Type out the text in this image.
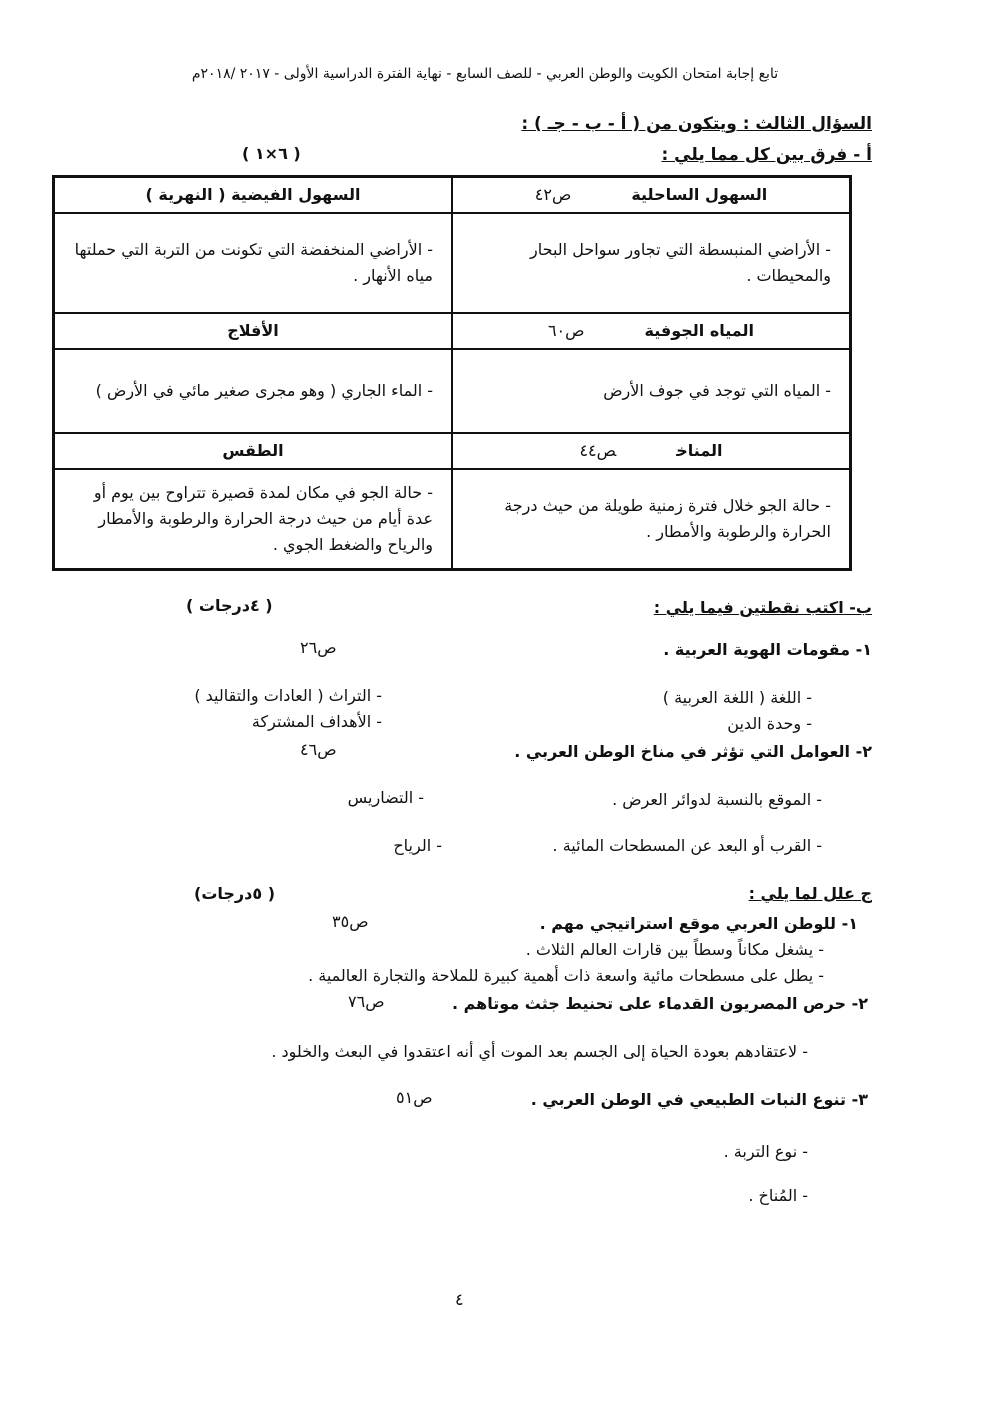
تابع إجابة امتحان الكويت والوطن العربي - للصف السابع - نهاية الفترة الدراسية الأولى - ٢٠١٧ /٢٠١٨م
السؤال الثالث : ويتكون من ( أ - ب - جـ ) :
أ - فرق بين كل مما يلي :
( ٦×١ )
السهول الساحليةص٤٢	السهول الفيضية ( النهرية )
- الأراضي المنبسطة التي تجاور سواحل البحار والمحيطات .	- الأراضي المنخفضة التي تكونت من التربة التي حملتها مياه الأنهار .
المياه الجوفيةص٦٠	الأفلاج
- المياه التي توجد في جوف الأرض	- الماء الجاري ( وهو مجرى صغير مائي في الأرض )
المناخص٤٤	الطقس
- حالة الجو خلال فترة زمنية طويلة من حيث درجة الحرارة والرطوبة والأمطار .	- حالة الجو في مكان لمدة قصيرة تتراوح بين يوم أو عدة أيام من حيث درجة الحرارة والرطوبة والأمطار والرياح والضغط الجوي .
ب- اكتب نقطتين فيما يلي :
( ٤درجات )
١- مقومات الهوية العربية .
ص٢٦
- اللغة ( اللغة العربية )
- وحدة الدين
- التراث ( العادات والتقاليد )
- الأهداف المشتركة
٢- العوامل التي تؤثر في مناخ الوطن العربي .
ص٤٦
- الموقع بالنسبة لدوائر العرض .
- القرب أو البعد عن المسطحات المائية .
- التضاريس
- الرياح
ج علل لما يلي :
(٥درجات )
١- للوطن العربي موقع استراتيجي مهم .
ص٣٥
- يشغل مكاناً وسطاً بين قارات العالم الثلاث .
- يطل على مسطحات مائية واسعة ذات أهمية كبيرة للملاحة والتجارة العالمية .
٢- حرص المصريون القدماء على تحنيط جثث موتاهم .
ص٧٦
- لاعتقادهم بعودة الحياة إلى الجسم بعد الموت أي أنه اعتقدوا في البعث والخلود .
٣- تنوع النبات الطبيعي في الوطن العربي .
ص٥١
- نوع التربة .
- المُناخ .
٤
